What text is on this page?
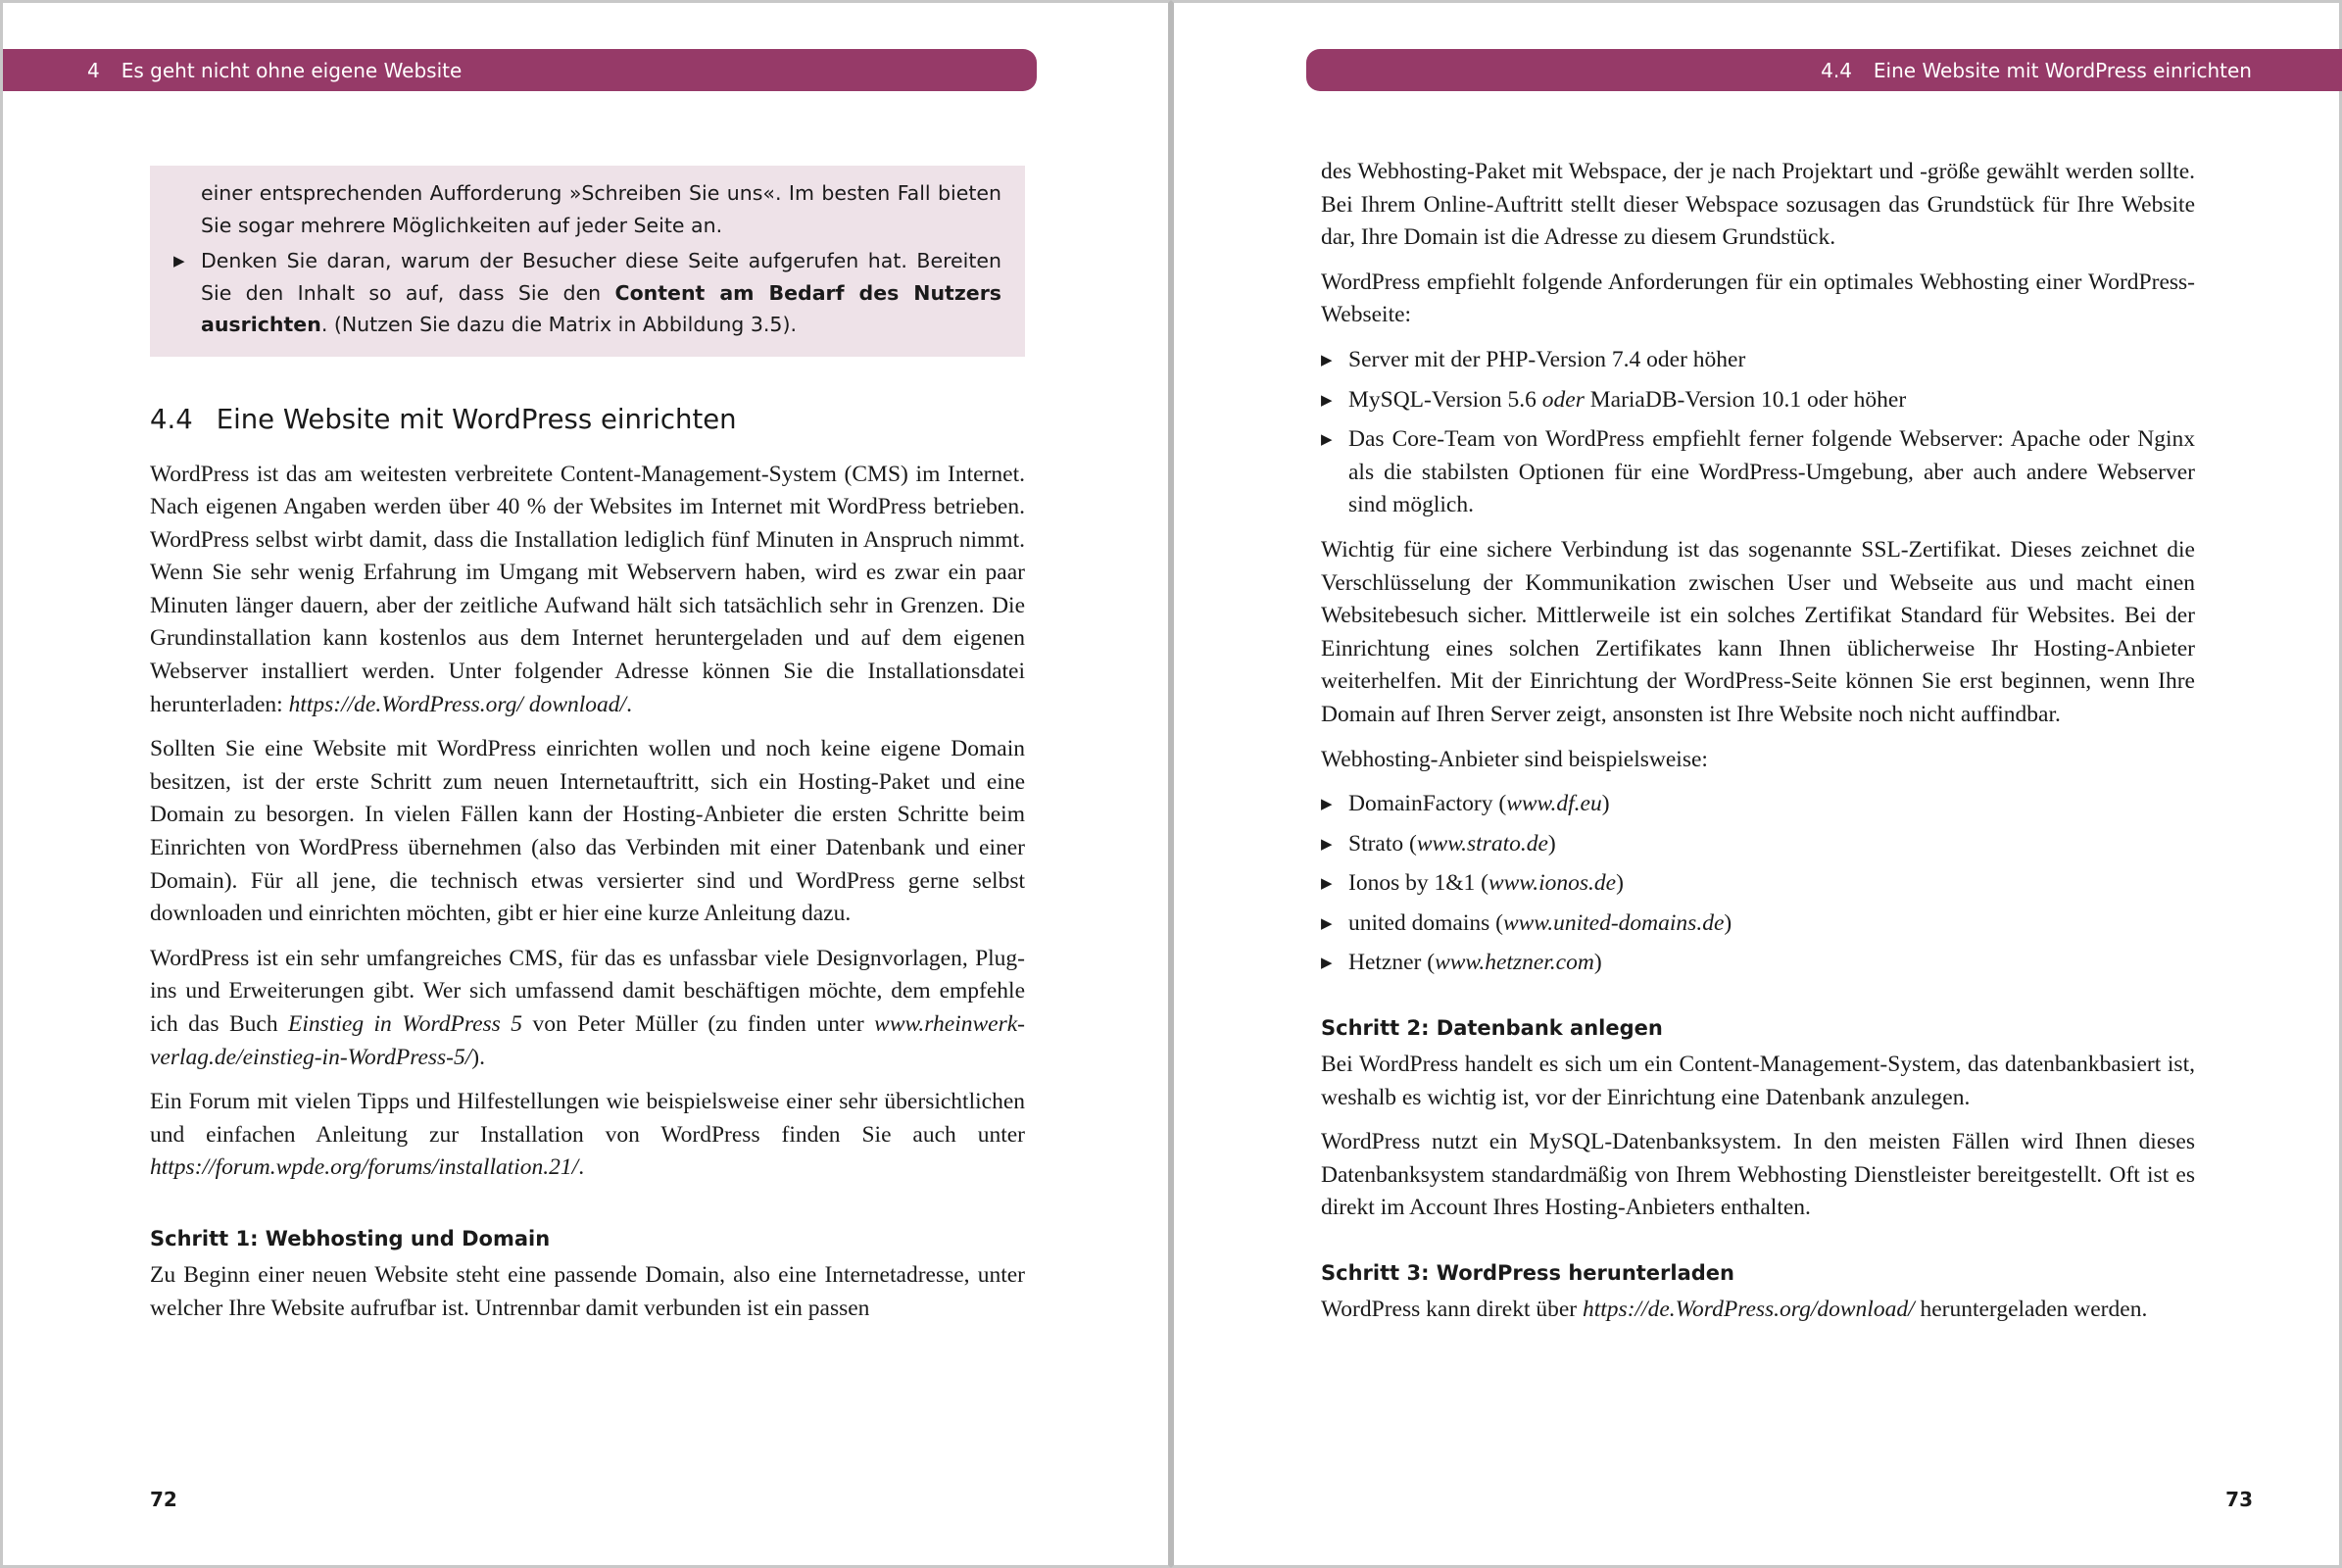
4 Es geht nicht ohne eigene Website
einer entsprechenden Aufforderung »Schreiben Sie uns«. Im besten Fall bieten Sie sogar mehrere Möglichkeiten auf jeder Seite an.
▶ Denken Sie daran, warum der Besucher diese Seite aufgerufen hat. Bereiten Sie den Inhalt so auf, dass Sie den Content am Bedarf des Nutzers ausrichten. (Nutzen Sie dazu die Matrix in Abbildung 3.5).
4.4 Eine Website mit WordPress einrichten

WordPress ist das am weitesten verbreitete Content-Management-System (CMS) im Internet. Nach eigenen Angaben werden über 40 % der Websites im Internet mit WordPress betrieben. WordPress selbst wirbt damit, dass die Installation lediglich fünf Minuten in Anspruch nimmt. Wenn Sie sehr wenig Erfahrung im Umgang mit Webservern haben, wird es zwar ein paar Minuten länger dauern, aber der zeitliche Aufwand hält sich tatsächlich sehr in Grenzen. Die Grundinstallation kann kostenlos aus dem Internet heruntergeladen und auf dem eigenen Webserver installiert werden. Unter folgender Adresse können Sie die Installationsdatei herunterladen: https://de.WordPress.org/ download/.

Sollten Sie eine Website mit WordPress einrichten wollen und noch keine eigene Domain besitzen, ist der erste Schritt zum neuen Internetauftritt, sich ein Hosting-Paket und eine Domain zu besorgen. In vielen Fällen kann der Hosting-Anbieter die ersten Schritte beim Einrichten von WordPress übernehmen (also das Verbinden mit einer Datenbank und einer Domain). Für all jene, die technisch etwas versierter sind und WordPress gerne selbst downloaden und einrichten möchten, gibt er hier eine kurze Anleitung dazu.

WordPress ist ein sehr umfangreiches CMS, für das es unfassbar viele Designvorlagen, Plug-ins und Erweiterungen gibt. Wer sich umfassend damit beschäftigen möchte, dem empfehle ich das Buch Einstieg in WordPress 5 von Peter Müller (zu finden unter www.rheinwerk-verlag.de/einstieg-in-WordPress-5/).

Ein Forum mit vielen Tipps und Hilfestellungen wie beispielsweise einer sehr übersichtlichen und einfachen Anleitung zur Installation von WordPress finden Sie auch unter https://forum.wpde.org/forums/installation.21/.

Schritt 1: Webhosting und Domain

Zu Beginn einer neuen Website steht eine passende Domain, also eine Internetadresse, unter welcher Ihre Website aufrufbar ist. Untrennbar damit verbunden ist ein passen

72
4.4 Eine Website mit WordPress einrichten

des Webhosting-Paket mit Webspace, der je nach Projektart und -größe gewählt werden sollte. Bei Ihrem Online-Auftritt stellt dieser Webspace sozusagen das Grundstück für Ihre Website dar, Ihre Domain ist die Adresse zu diesem Grundstück.

WordPress empfiehlt folgende Anforderungen für ein optimales Webhosting einer WordPress-Webseite:

▶ Server mit der PHP-Version 7.4 oder höher
▶ MySQL-Version 5.6 oder MariaDB-Version 10.1 oder höher
▶ Das Core-Team von WordPress empfiehlt ferner folgende Webserver: Apache oder Nginx als die stabilsten Optionen für eine WordPress-Umgebung, aber auch andere Webserver sind möglich.

Wichtig für eine sichere Verbindung ist das sogenannte SSL-Zertifikat. Dieses zeichnet die Verschlüsselung der Kommunikation zwischen User und Webseite aus und macht einen Websitebesuch sicher. Mittlerweile ist ein solches Zertifikat Standard für Websites. Bei der Einrichtung eines solchen Zertifikates kann Ihnen üblicherweise Ihr Hosting-Anbieter weiterhelfen. Mit der Einrichtung der WordPress-Seite können Sie erst beginnen, wenn Ihre Domain auf Ihren Server zeigt, ansonsten ist Ihre Website noch nicht auffindbar.

Webhosting-Anbieter sind beispielsweise:

▶ DomainFactory (www.df.eu)
▶ Strato (www.strato.de)
▶ Ionos by 1&1 (www.ionos.de)
▶ united domains (www.united-domains.de)
▶ Hetzner (www.hetzner.com)
Schritt 2: Datenbank anlegen

Bei WordPress handelt es sich um ein Content-Management-System, das datenbankbasiert ist, weshalb es wichtig ist, vor der Einrichtung eine Datenbank anzulegen.

WordPress nutzt ein MySQL-Datenbanksystem. In den meisten Fällen wird Ihnen dieses Datenbanksystem standardmäßig von Ihrem Webhosting Dienstleister bereitgestellt. Oft ist es direkt im Account Ihres Hosting-Anbieters enthalten.

Schritt 3: WordPress herunterladen

WordPress kann direkt über https://de.WordPress.org/download/ heruntergeladen werden.

73
